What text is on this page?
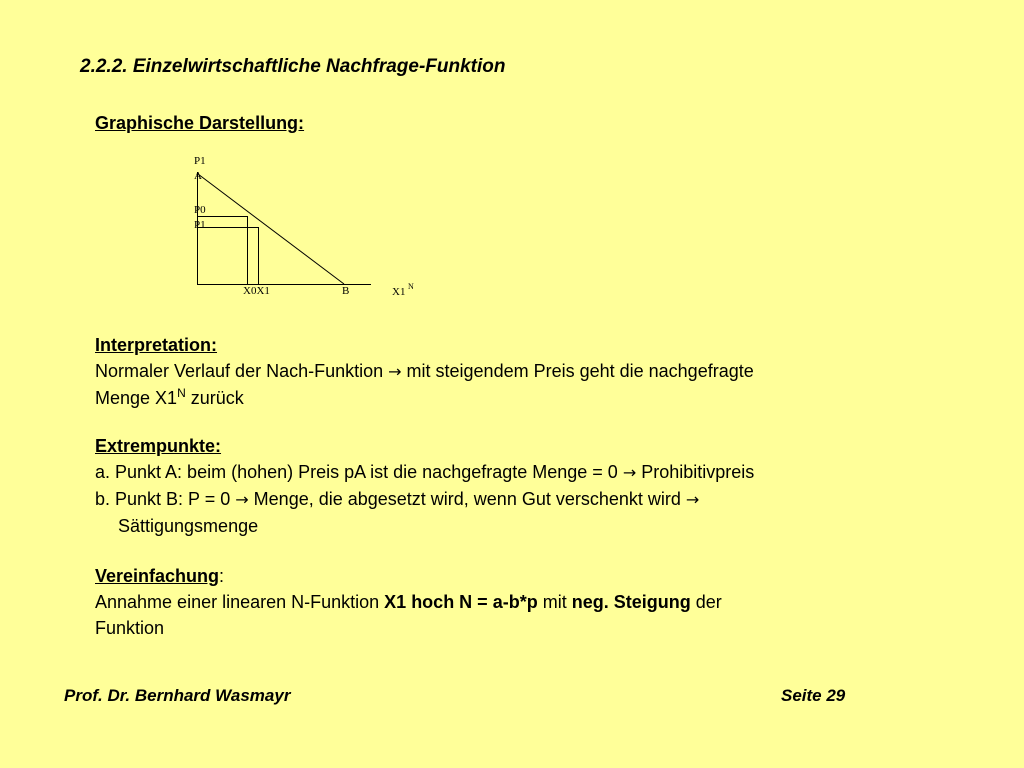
2.2.2. Einzelwirtschaftliche Nachfrage-Funktion
Graphische Darstellung:
P1
A
P0
P1
X0X1	B	X1 N
Interpretation:
Normaler Verlauf der Nach-Funktion → mit steigendem Preis geht die nachgefragte
Menge $X1^N$ zurück
Extrempunkte:
a. Punkt A: beim (hohen) Preis pA ist die nachgefragte Menge = 0 → Prohibitivpreis
b. Punkt B: P = 0 → Menge, die abgesetzt wird, wenn Gut verschenkt wird →
Sättigungsmenge
Vereinfachung:
Annahme einer linearen N-Funktion X1 hoch N = a-b*p mit neg. Steigung der
Funktion
Prof. Dr. Bernhard Wasmayr	Seite 29
